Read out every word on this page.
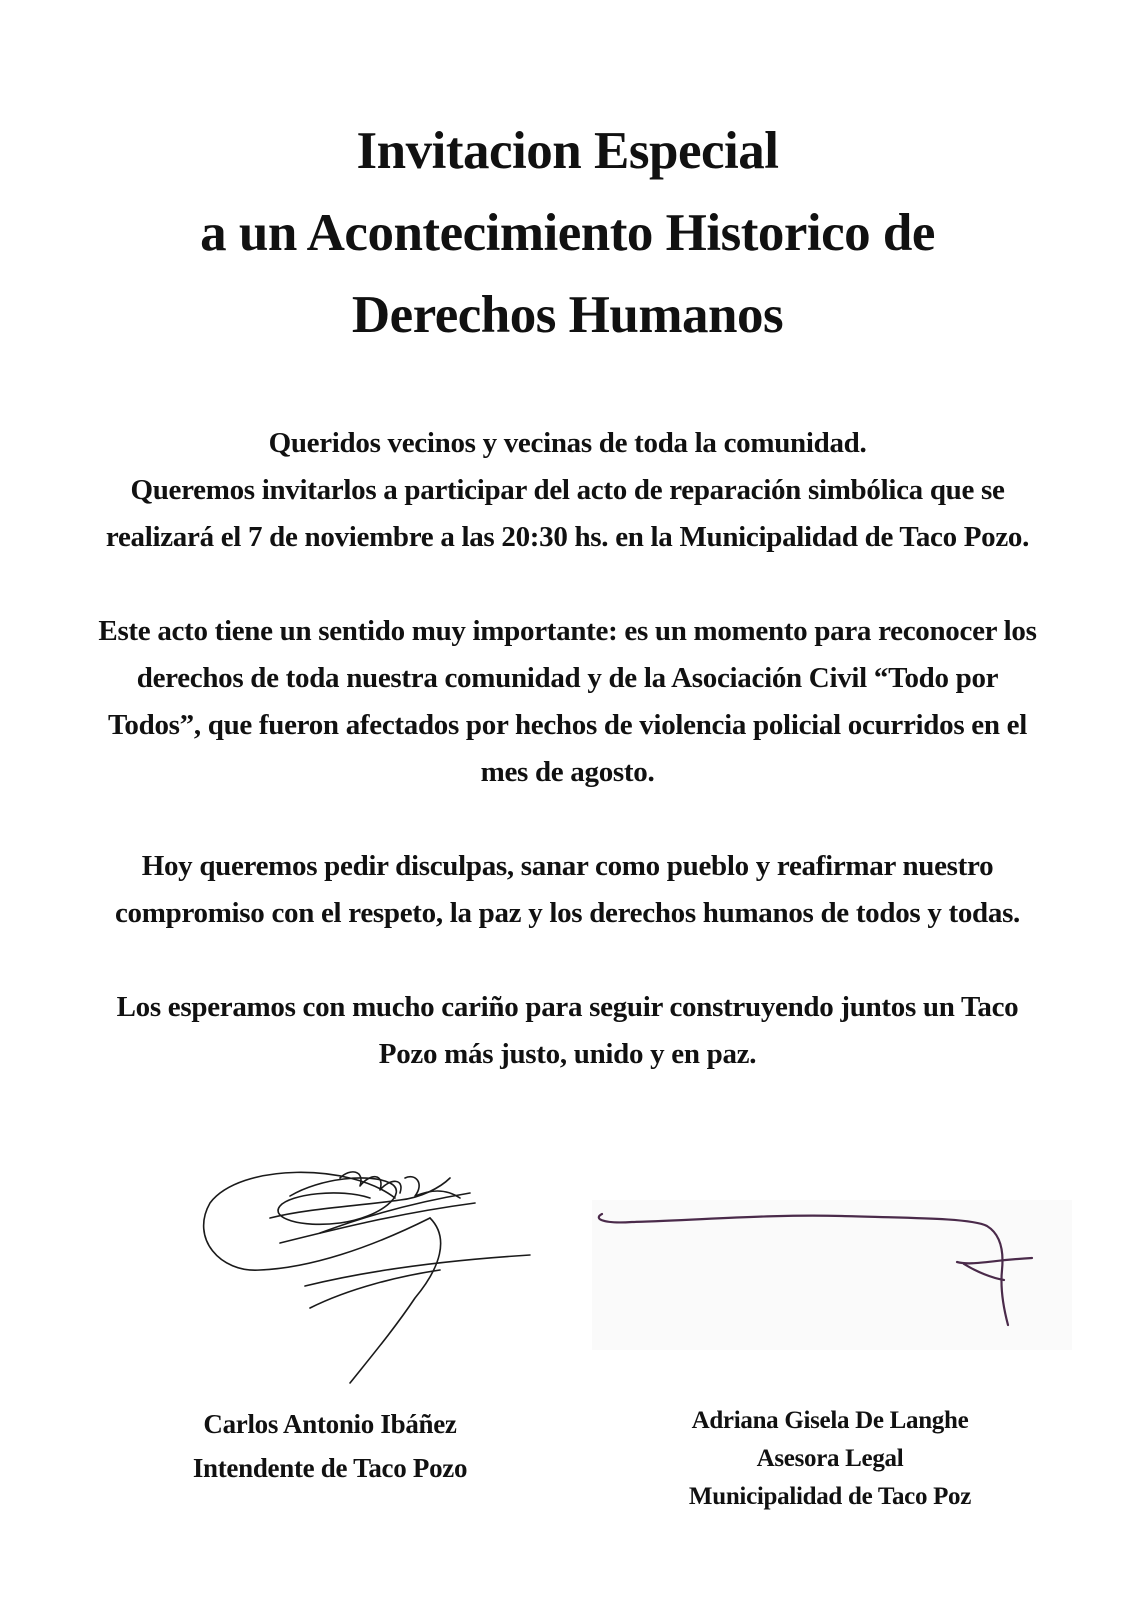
Invitacion Especial
a un Acontecimiento Historico de
Derechos Humanos
Queridos vecinos y vecinas de toda la comunidad.
Queremos invitarlos a participar del acto de reparación simbólica que se
realizará el 7 de noviembre a las 20:30 hs. en la Municipalidad de Taco Pozo.
Este acto tiene un sentido muy importante: es un momento para reconocer los
derechos de toda nuestra comunidad y de la Asociación Civil “Todo por
Todos”, que fueron afectados por hechos de violencia policial ocurridos en el
mes de agosto.
Hoy queremos pedir disculpas, sanar como pueblo y reafirmar nuestro
compromiso con el respeto, la paz y los derechos humanos de todos y todas.
Los esperamos con mucho cariño para seguir construyendo juntos un Taco
Pozo más justo, unido y en paz.
Carlos Antonio Ibáñez
Intendente de Taco Pozo
Adriana Gisela De Langhe
Asesora Legal
Municipalidad de Taco Poz
